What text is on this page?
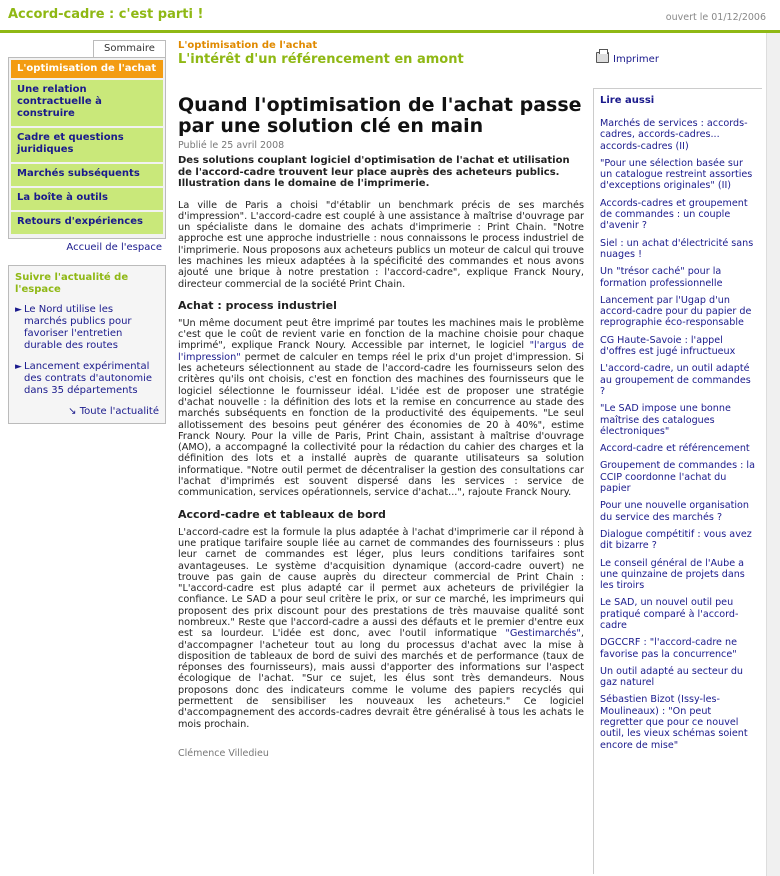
Accord-cadre : c'est parti !	ouvert le 01/12/2006
Sommaire
L'optimisation de l'achat
Une relation contractuelle à construire
Cadre et questions juridiques
Marchés subséquents
La boîte à outils
Retours d'expériences
Accueil de l'espace
Suivre l'actualité de l'espace
► Le Nord utilise les marchés publics pour favoriser l'entretien durable des routes
► Lancement expérimental des contrats d'autonomie dans 35 départements
↘ Toute l'actualité
L'optimisation de l'achat
L'intérêt d'un référencement en amont
Quand l'optimisation de l'achat passe par une solution clé en main
Publié le 25 avril 2008
Des solutions couplant logiciel d'optimisation de l'achat et utilisation de l'accord-cadre trouvent leur place auprès des acheteurs publics. Illustration dans le domaine de l'imprimerie.

La ville de Paris a choisi "d'établir un benchmark précis de ses marchés d'impression". L'accord-cadre est couplé à une assistance à maîtrise d'ouvrage par un spécialiste dans le domaine des achats d'imprimerie : Print Chain. "Notre approche est une approche industrielle : nous connaissons le process industriel de l'imprimerie. Nous proposons aux acheteurs publics un moteur de calcul qui trouve les machines les mieux adaptées à la spécificité des commandes et nous avons ajouté une brique à notre prestation : l'accord-cadre", explique Franck Noury, directeur commercial de la société Print Chain.

Achat : process industriel

"Un même document peut être imprimé par toutes les machines mais le problème c'est que le coût de revient varie en fonction de la machine choisie pour chaque imprimé", explique Franck Noury. Accessible par internet, le logiciel "l'argus de l'impression" permet de calculer en temps réel le prix d'un projet d'impression. Si les acheteurs sélectionnent au stade de l'accord-cadre les fournisseurs selon des critères qu'ils ont choisis, c'est en fonction des machines des fournisseurs que le logiciel sélectionne le fournisseur idéal. L'idée est de proposer une stratégie d'achat nouvelle : la définition des lots et la remise en concurrence au stade des marchés subséquents en fonction de la productivité des équipements. "Le seul allotissement des besoins peut générer des économies de 20 à 40%", estime Franck Noury. Pour la ville de Paris, Print Chain, assistant à maîtrise d'ouvrage (AMO), a accompagné la collectivité pour la rédaction du cahier des charges et la définition des lots et a installé auprès de quarante utilisateurs sa solution informatique. "Notre outil permet de décentraliser la gestion des consultations car l'achat d'imprimés est souvent dispersé dans les services : service de communication, services opérationnels, service d'achat...", rajoute Franck Noury.

Accord-cadre et tableaux de bord

L'accord-cadre est la formule la plus adaptée à l'achat d'imprimerie car il répond à une pratique tarifaire souple liée au carnet de commandes des fournisseurs : plus leur carnet de commandes est léger, plus leurs conditions tarifaires sont avantageuses. Le système d'acquisition dynamique (accord-cadre ouvert) ne trouve pas gain de cause auprès du directeur commercial de Print Chain : "L'accord-cadre est plus adapté car il permet aux acheteurs de privilégier la confiance. Le SAD a pour seul critère le prix, or sur ce marché, les imprimeurs qui proposent des prix discount pour des prestations de très mauvaise qualité sont nombreux." Reste que l'accord-cadre a aussi des défauts et le premier d'entre eux est sa lourdeur. L'idée est donc, avec l'outil informatique "Gestimarchés", d'accompagner l'acheteur tout au long du processus d'achat avec la mise à disposition de tableaux de bord de suivi des marchés et de performance (taux de réponses des fournisseurs), mais aussi d'apporter des informations sur l'aspect écologique de l'achat. "Sur ce sujet, les élus sont très demandeurs. Nous proposons donc des indicateurs comme le volume des papiers recyclés qui permettent de sensibiliser les nouveaux les acheteurs." Ce logiciel d'accompagnement des accords-cadres devrait être généralisé à tous les achats le mois prochain.

Clémence Villedieu
Imprimer
Lire aussi
Marchés de services : accords-cadres, accords-cadres... accords-cadres (II)
"Pour une sélection basée sur un catalogue restreint assorties d'exceptions originales" (II)
Accords-cadres et groupement de commandes : un couple d'avenir ?
Siel : un achat d'électricité sans nuages !
Un "trésor caché" pour la formation professionnelle
Lancement par l'Ugap d'un accord-cadre pour du papier de reprographie éco-responsable
CG Haute-Savoie : l'appel d'offres est jugé infructueux
L'accord-cadre, un outil adapté au groupement de commandes ?
"Le SAD impose une bonne maîtrise des catalogues électroniques"
Accord-cadre et référencement
Groupement de commandes : la CCIP coordonne l'achat du papier
Pour une nouvelle organisation du service des marchés ?
Dialogue compétitif : vous avez dit bizarre ?
Le conseil général de l'Aube a une quinzaine de projets dans les tiroirs
Le SAD, un nouvel outil peu pratiqué comparé à l'accord-cadre
DGCCRF : "l'accord-cadre ne favorise pas la concurrence"
Un outil adapté au secteur du gaz naturel
Sébastien Bizot (Issy-les-Moulineaux) : "On peut regretter que pour ce nouvel outil, les vieux schémas soient encore de mise"
